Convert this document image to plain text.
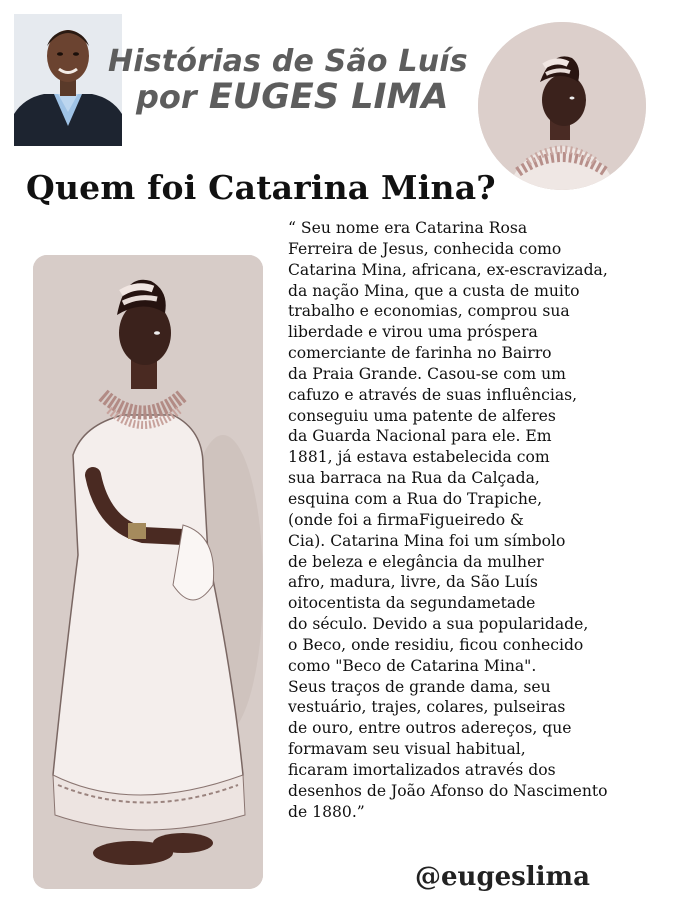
Histórias de São Luís
por EUGES LIMA
Quem foi Catarina Mina?

“ Seu nome era Catarina Rosa

Ferreira de Jesus, conhecida como

Catarina Mina, africana, ex-escravizada,

da nação Mina, que a custa de muito

trabalho e economias, comprou sua

liberdade e virou uma próspera

comerciante de farinha no Bairro

da Praia Grande. Casou-se com um

cafuzo e através de suas influências,

conseguiu uma patente de alferes

da Guarda Nacional para ele. Em

1881, já estava estabelecida com

sua barraca na Rua da Calçada,

esquina com a Rua do Trapiche,

(onde foi a firmaFigueiredo &

Cia). Catarina Mina foi um símbolo

de beleza e elegância da mulher

afro, madura, livre, da São Luís

oitocentista da segundametade

do século. Devido a sua popularidade,

o Beco, onde residiu, ficou conhecido

como "Beco de Catarina Mina".

Seus traços de grande dama, seu

vestuário, trajes, colares, pulseiras

de ouro, entre outros adereços, que

formavam seu visual habitual,

ficaram imortalizados através dos

desenhos de João Afonso do Nascimento

de 1880.”

@eugeslima
